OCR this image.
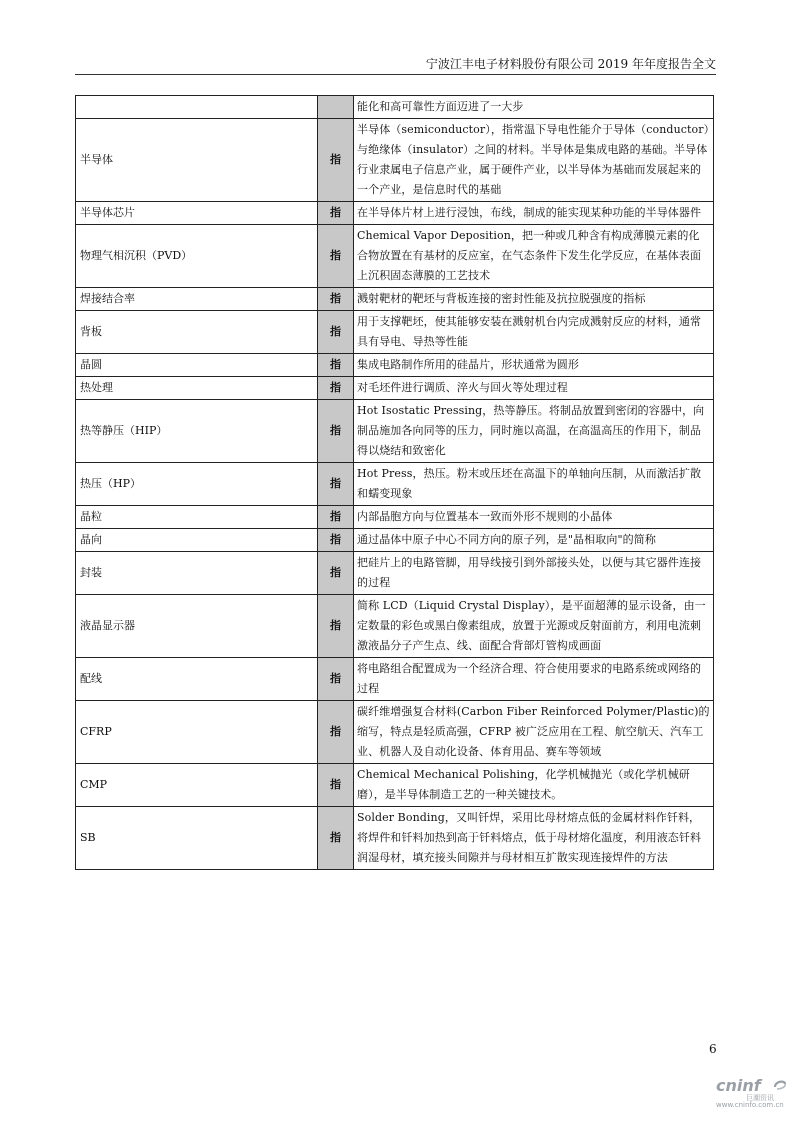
宁波江丰电子材料股份有限公司 2019 年年度报告全文
		能化和高可靠性方面迈进了一大步
半导体	指	半导体（semiconductor），指常温下导电性能介于导体（conductor）与绝缘体（insulator）之间的材料。半导体是集成电路的基础。半导体行业隶属电子信息产业，属于硬件产业，以半导体为基础而发展起来的一个产业，是信息时代的基础
半导体芯片	指	在半导体片材上进行浸蚀，布线，制成的能实现某种功能的半导体器件
物理气相沉积（PVD）	指	Chemical Vapor Deposition，把一种或几种含有构成薄膜元素的化合物放置在有基材的反应室，在气态条件下发生化学反应，在基体表面上沉积固态薄膜的工艺技术
焊接结合率	指	溅射靶材的靶坯与背板连接的密封性能及抗拉脱强度的指标
背板	指	用于支撑靶坯，使其能够安装在溅射机台内完成溅射反应的材料，通常具有导电、导热等性能
晶圆	指	集成电路制作所用的硅晶片，形状通常为圆形
热处理	指	对毛坯件进行调质、淬火与回火等处理过程
热等静压（HIP）	指	Hot Isostatic Pressing，热等静压。将制品放置到密闭的容器中，向制品施加各向同等的压力，同时施以高温，在高温高压的作用下，制品得以烧结和致密化
热压（HP）	指	Hot Press，热压。粉末或压坯在高温下的单轴向压制，从而激活扩散和蠕变现象
晶粒	指	内部晶胞方向与位置基本一致而外形不规则的小晶体
晶向	指	通过晶体中原子中心不同方向的原子列，是"晶相取向"的简称
封装	指	把硅片上的电路管脚，用导线接引到外部接头处，以便与其它器件连接的过程
液晶显示器	指	简称 LCD（Liquid Crystal Display），是平面超薄的显示设备，由一定数量的彩色或黑白像素组成，放置于光源或反射面前方，利用电流刺激液晶分子产生点、线、面配合背部灯管构成画面
配线	指	将电路组合配置成为一个经济合理、符合使用要求的电路系统或网络的过程
CFRP	指	碳纤维增强复合材料(Carbon Fiber Reinforced Polymer/Plastic)的缩写，特点是轻质高强，CFRP 被广泛应用在工程、航空航天、汽车工业、机器人及自动化设备、体育用品、赛车等领域
CMP	指	Chemical Mechanical Polishing，化学机械抛光（或化学机械研磨），是半导体制造工艺的一种关键技术。
SB	指	Solder Bonding，又叫钎焊，采用比母材熔点低的金属材料作钎料，将焊件和钎料加热到高于钎料熔点，低于母材熔化温度，利用液态钎料润湿母材，填充接头间隙并与母材相互扩散实现连接焊件的方法
6
cninf
巨潮资讯
www.cninfo.com.cn
